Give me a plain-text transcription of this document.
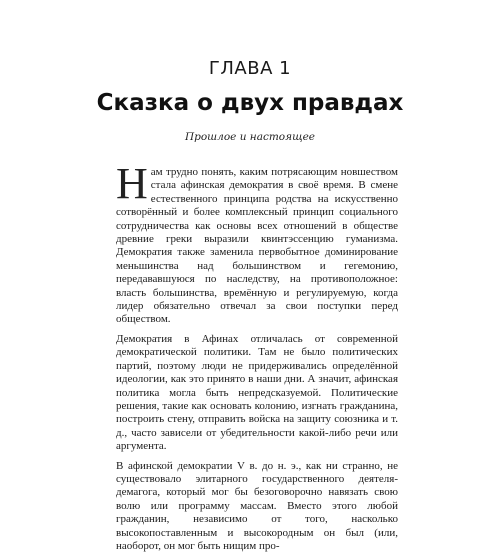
ГЛАВА 1
Сказка о двух правдах
Прошлое и настоящее

Нам трудно понять, каким потрясающим новшеством стала афинская демократия в своё время. В смене естественного принципа родства на искусственно сотворённый и более комплексный принцип социального сотрудничества как основы всех отношений в обществе древние греки выразили квинтэссенцию гуманизма. Демократия также заменила первобытное доминирование меньшинства над большинством и гегемонию, передававшуюся по наследству, на противоположное: власть большинства, времённую и регулируемую, когда лидер обязательно отвечал за свои поступки перед обществом.

Демократия в Афинах отличалась от современной демократической политики. Там не было политических партий, поэтому люди не придерживались определённой идеологии, как это принято в наши дни. А значит, афинская политика могла быть непредсказуемой. Политические решения, такие как основать колонию, изгнать гражданина, построить стену, отправить войска на защиту союзника и т. д., часто зависели от убедительности какой-либо речи или аргумента.

В афинской демократии V в. до н. э., как ни странно, не существовало элитарного государственного деятеля-демагога, который мог бы безоговорочно навязать свою волю или программу массам. Вместо этого любой гражданин, независимо от того, насколько высокопоставленным и высокородным он был (или, наоборот, он мог быть нищим про-
